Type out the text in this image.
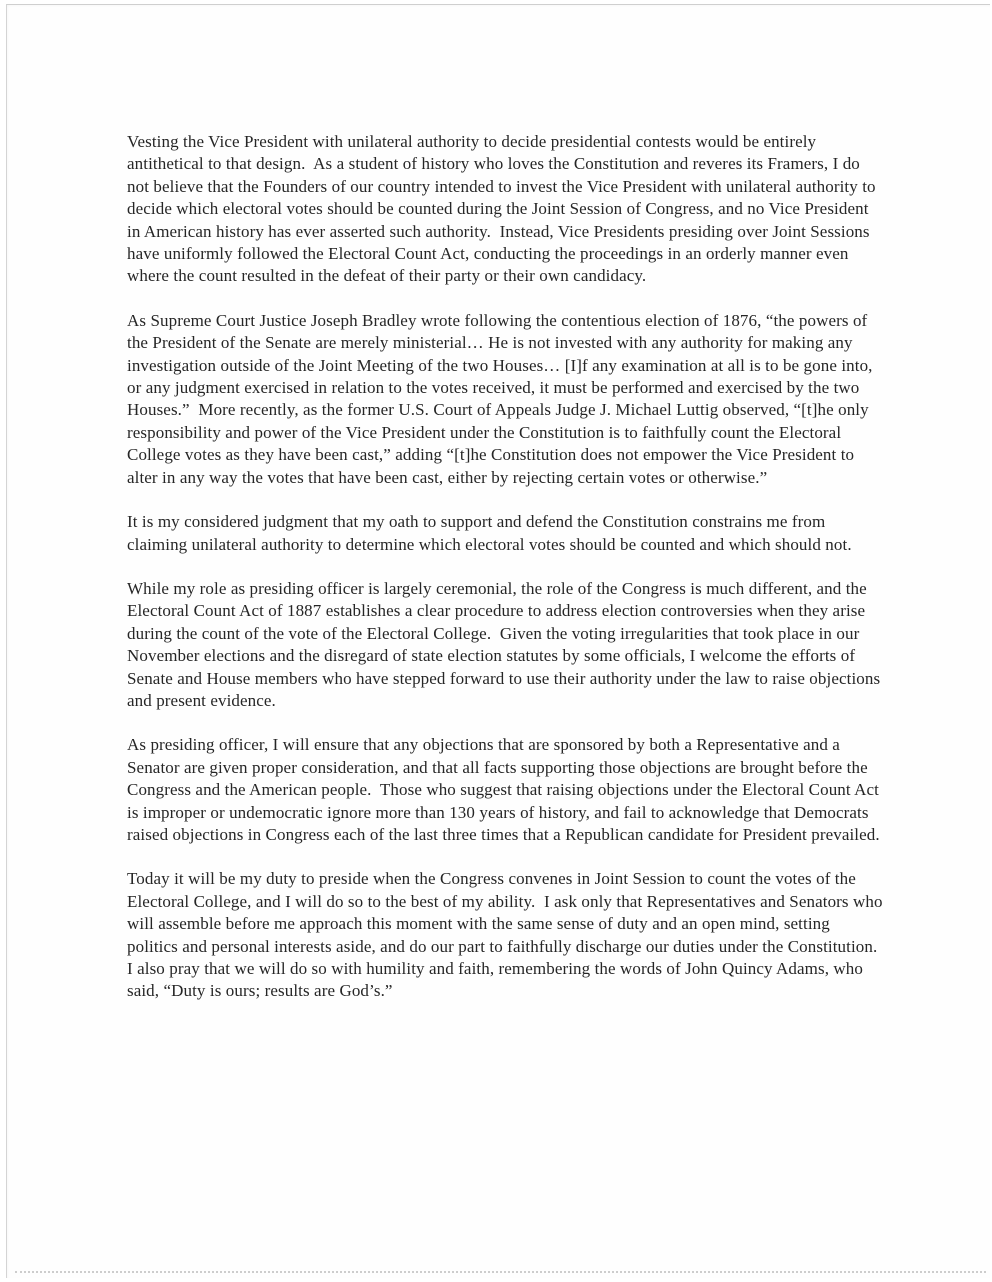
Vesting the Vice President with unilateral authority to decide presidential contests would be entirely antithetical to that design.  As a student of history who loves the Constitution and reveres its Framers, I do not believe that the Founders of our country intended to invest the Vice President with unilateral authority to decide which electoral votes should be counted during the Joint Session of Congress, and no Vice President in American history has ever asserted such authority.  Instead, Vice Presidents presiding over Joint Sessions have uniformly followed the Electoral Count Act, conducting the proceedings in an orderly manner even where the count resulted in the defeat of their party or their own candidacy.

As Supreme Court Justice Joseph Bradley wrote following the contentious election of 1876, “the powers of the President of the Senate are merely ministerial… He is not invested with any authority for making any investigation outside of the Joint Meeting of the two Houses… [I]f any examination at all is to be gone into, or any judgment exercised in relation to the votes received, it must be performed and exercised by the two Houses.”  More recently, as the former U.S. Court of Appeals Judge J. Michael Luttig observed, “[t]he only responsibility and power of the Vice President under the Constitution is to faithfully count the Electoral College votes as they have been cast,” adding “[t]he Constitution does not empower the Vice President to alter in any way the votes that have been cast, either by rejecting certain votes or otherwise.”

It is my considered judgment that my oath to support and defend the Constitution constrains me from claiming unilateral authority to determine which electoral votes should be counted and which should not.

While my role as presiding officer is largely ceremonial, the role of the Congress is much different, and the Electoral Count Act of 1887 establishes a clear procedure to address election controversies when they arise during the count of the vote of the Electoral College.  Given the voting irregularities that took place in our November elections and the disregard of state election statutes by some officials, I welcome the efforts of Senate and House members who have stepped forward to use their authority under the law to raise objections and present evidence.

As presiding officer, I will ensure that any objections that are sponsored by both a Representative and a Senator are given proper consideration, and that all facts supporting those objections are brought before the Congress and the American people.  Those who suggest that raising objections under the Electoral Count Act is improper or undemocratic ignore more than 130 years of history, and fail to acknowledge that Democrats raised objections in Congress each of the last three times that a Republican candidate for President prevailed.

Today it will be my duty to preside when the Congress convenes in Joint Session to count the votes of the Electoral College, and I will do so to the best of my ability.  I ask only that Representatives and Senators who will assemble before me approach this moment with the same sense of duty and an open mind, setting politics and personal interests aside, and do our part to faithfully discharge our duties under the Constitution.  I also pray that we will do so with humility and faith, remembering the words of John Quincy Adams, who said, “Duty is ours; results are God’s.”
